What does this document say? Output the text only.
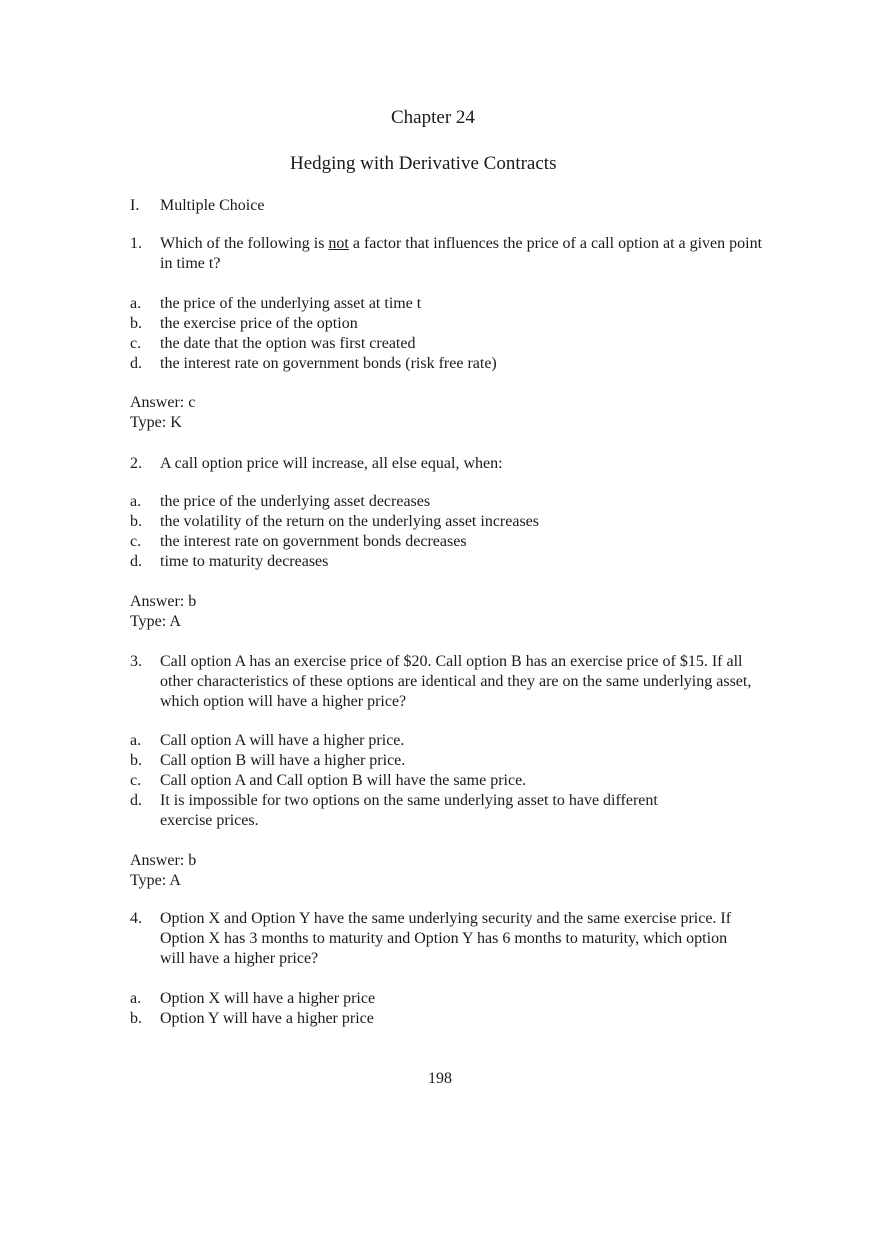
Chapter 24
Hedging with Derivative Contracts
I. Multiple Choice
1. Which of the following is not a factor that influences the price of a call option at a given point in time t?
a. the price of the underlying asset at time t
b. the exercise price of the option
c. the date that the option was first created
d. the interest rate on government bonds (risk free rate)
Answer: c
Type: K
2. A call option price will increase, all else equal, when:
a. the price of the underlying asset decreases
b. the volatility of the return on the underlying asset increases
c. the interest rate on government bonds decreases
d. time to maturity decreases
Answer: b
Type: A
3. Call option A has an exercise price of $20. Call option B has an exercise price of $15. If all other characteristics of these options are identical and they are on the same underlying asset, which option will have a higher price?
a. Call option A will have a higher price.
b. Call option B will have a higher price.
c. Call option A and Call option B will have the same price.
d. It is impossible for two options on the same underlying asset to have different exercise prices.
Answer: b
Type: A
4. Option X and Option Y have the same underlying security and the same exercise price. If Option X has 3 months to maturity and Option Y has 6 months to maturity, which option will have a higher price?
a. Option X will have a higher price
b. Option Y will have a higher price
198
